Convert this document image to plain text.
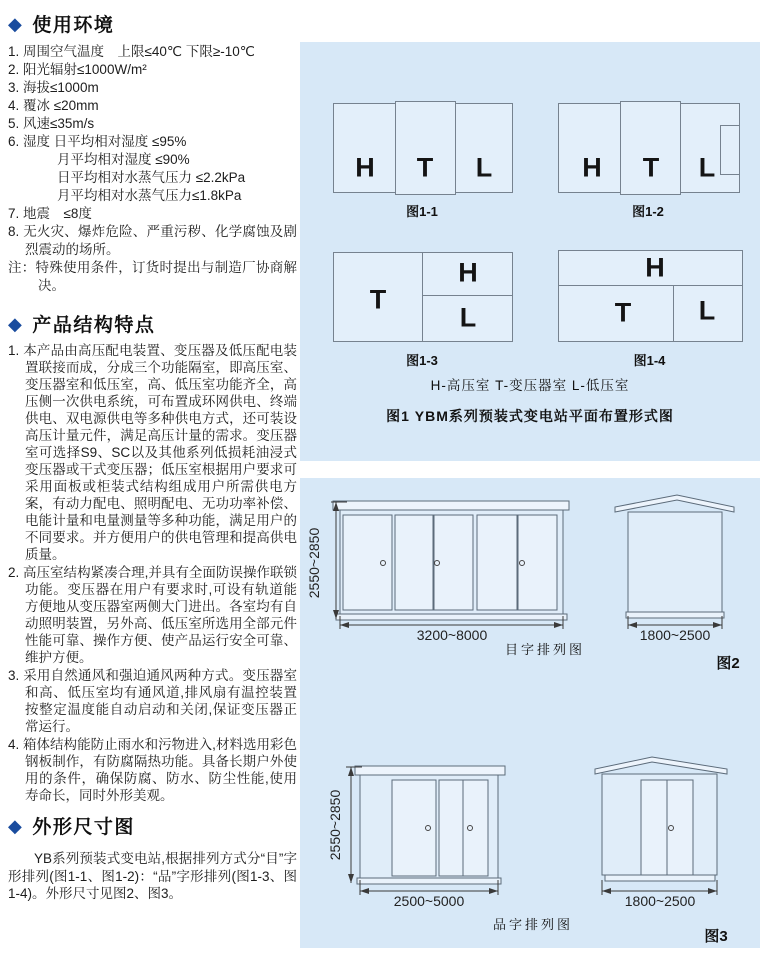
◆ 使用环境
1. 周围空气温度　上限≤40℃ 下限≥-10℃
2. 阳光辐射≤1000W/m²
3. 海拔≤1000m
4. 覆冰 ≤20mm
5. 风速≤35m/s
6. 湿度 日平均相对湿度 ≤95%
月平均相对湿度 ≤90%
日平均相对水蒸气压力 ≤2.2kPa
月平均相对水蒸气压力≤1.8kPa
7. 地震　≤8度
8. 无火灾、爆炸危险、严重污秽、化学腐蚀及剧烈震动的场所。
注：特殊使用条件，订货时提出与制造厂协商解决。
◆ 产品结构特点
1. 本产品由高压配电装置、变压器及低压配电装置联接而成，分成三个功能隔室，即高压室、变压器室和低压室，高、低压室功能齐全，高压侧一次供电系统，可布置成环网供电、终端供电、双电源供电等多种供电方式，还可装设高压计量元件，满足高压计量的需求。变压器室可选择S9、SC以及其他系列低损耗油浸式变压器或干式变压器；低压室根据用户要求可采用面板或柜装式结构组成用户所需供电方案，有动力配电、照明配电、无功功率补偿、电能计量和电量测量等多种功能，满足用户的不同要求。并方便用户的供电管理和提高供电质量。
2. 高压室结构紧凑合理,并具有全面防误操作联锁功能。变压器在用户有要求时,可设有轨道能方便地从变压器室两侧大门进出。各室均有自动照明装置，另外高、低压室所选用全部元件性能可靠、操作方便、使产品运行安全可靠、维护方便。
3. 采用自然通风和强迫通风两种方式。变压器室和高、低压室均有通风道,排风扇有温控装置按整定温度能自动启动和关闭,保证变压器正常运行。
4. 箱体结构能防止雨水和污物进入,材料选用彩色钢板制作，有防腐隔热功能。具备长期户外使用的条件，确保防腐、防水、防尘性能,使用寿命长，同时外形美观。
◆ 外形尺寸图

YB系列预装式变电站,根据排列方式分“目”字形排列(图1-1、图1-2)：“品”字形排列(图1-3、图1-4)。外形尺寸见图2、图3。

H T L	H T L
T
H
L
H
T	L
图1-1	图1-2
图1-3	图1-4
H-高压室 T-变压器室 L-低压室
图1 YBM系列预装式变电站平面布置形式图
2550~2850
3200~8000
目字排列图
1800~2500
图2
2550~2850
2500~5000
品字排列图
1800~2500
图3
